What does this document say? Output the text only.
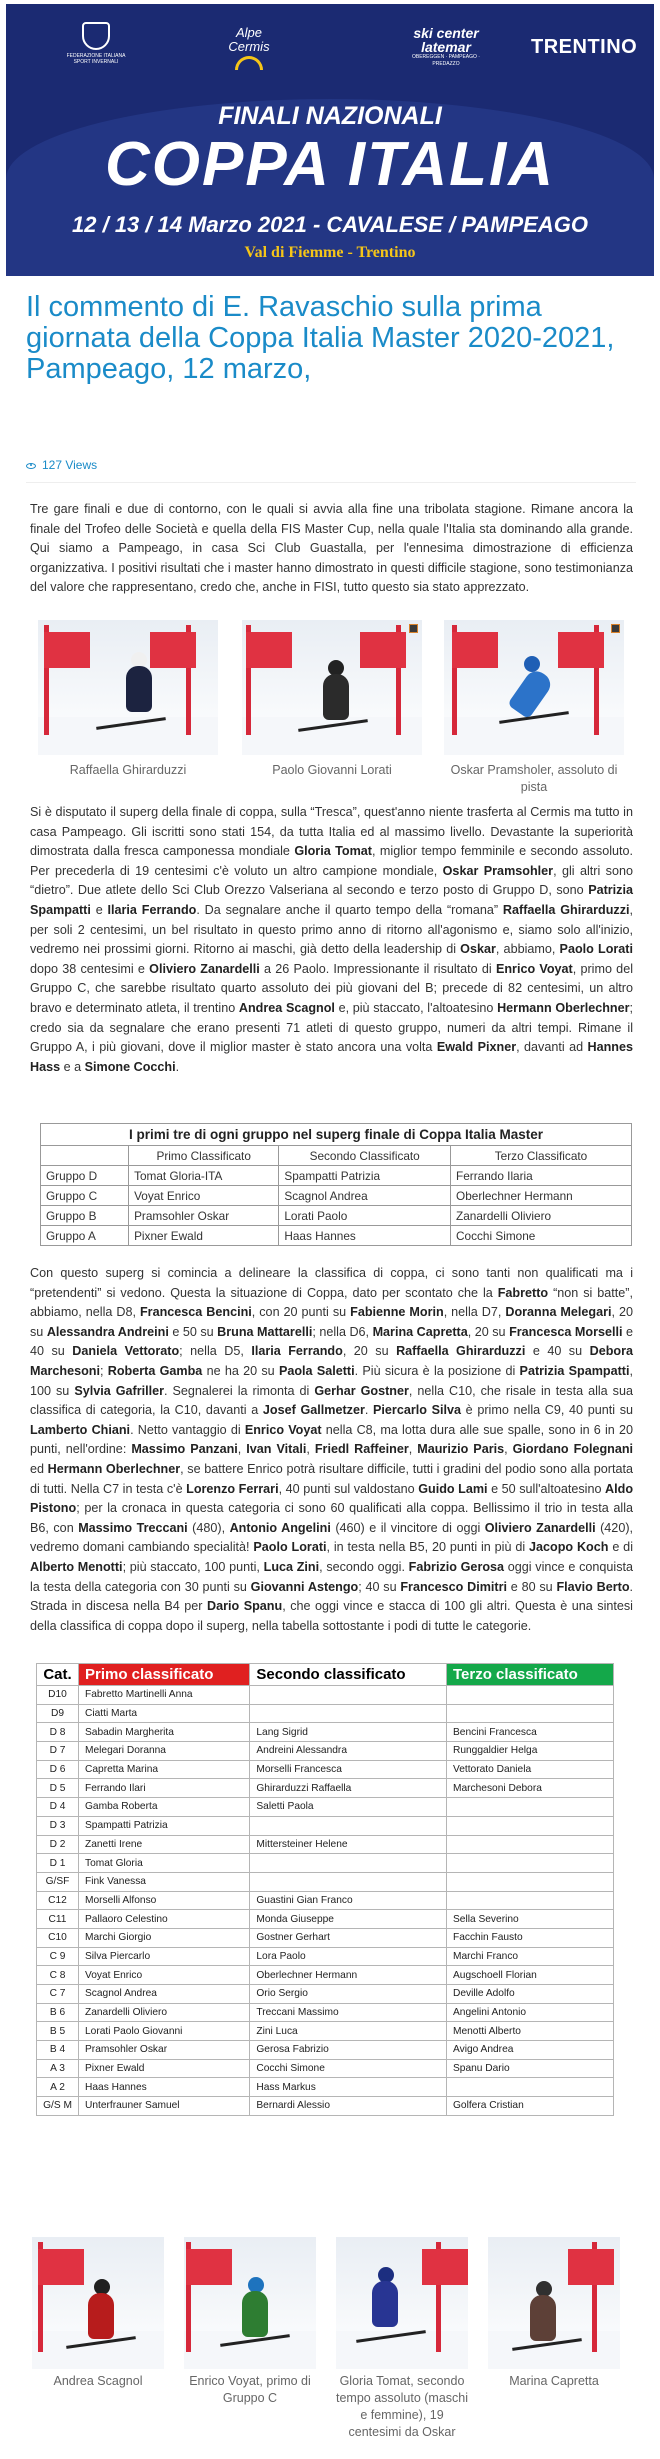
FEDERAZIONE ITALIANA SPORT INVERNALI
Alpe Cermis
ski center latemar
OBEREGGEN · PAMPEAGO · PREDAZZO
TRENTINO
FINALI NAZIONALI
COPPA ITALIA
12 / 13 / 14 Marzo 2021 - CAVALESE / PAMPEAGO
Val di Fiemme - Trentino
Il commento di E. Ravaschio sulla prima giornata della Coppa Italia Master 2020-2021, Pampeago, 12 marzo,
127 Views

Tre gare finali e due di contorno, con le quali si avvia alla fine una tribolata stagione. Rimane ancora la finale del Trofeo delle Società e quella della FIS Master Cup, nella quale l'Italia sta dominando alla grande. Qui siamo a Pampeago, in casa Sci Club Guastalla, per l'ennesima dimostrazione di efficienza organizzativa. I positivi risultati che i master hanno dimostrato in questi difficile stagione, sono testimonianza del valore che rappresentano, credo che, anche in FISI, tutto questo sia stato apprezzato.

Raffaella Ghirarduzzi	Paolo Giovanni Lorati	Oskar Pramsholer, assoluto di pista

Si è disputato il superg della finale di coppa, sulla “Tresca”, quest'anno niente trasferta al Cermis ma tutto in casa Pampeago. Gli iscritti sono stati 154, da tutta Italia ed al massimo livello. Devastante la superiorità dimostrata dalla fresca camponessa mondiale Gloria Tomat, miglior tempo femminile e secondo assoluto. Per precederla di 19 centesimi c'è voluto un altro campione mondiale, Oskar Pramsohler, gli altri sono “dietro”. Due atlete dello Sci Club Orezzo Valseriana al secondo e terzo posto di Gruppo D, sono Patrizia Spampatti e Ilaria Ferrando. Da segnalare anche il quarto tempo della “romana” Raffaella Ghirarduzzi, per soli 2 centesimi, un bel risultato in questo primo anno di ritorno all'agonismo e, siamo solo all'inizio, vedremo nei prossimi giorni. Ritorno ai maschi, già detto della leadership di Oskar, abbiamo, Paolo Lorati dopo 38 centesimi e Oliviero Zanardelli a 26 Paolo. Impressionante il risultato di Enrico Voyat, primo del Gruppo C, che sarebbe risultato quarto assoluto dei più giovani del B; precede di 82 centesimi, un altro bravo e determinato atleta, il trentino Andrea Scagnol e, più staccato, l'altoatesino Hermann Oberlechner; credo sia da segnalare che erano presenti 71 atleti di questo gruppo, numeri da altri tempi. Rimane il Gruppo A, i più giovani, dove il miglior master è stato ancora una volta Ewald Pixner, davanti ad Hannes Hass e a Simone Cocchi.

I primi tre di ogni gruppo nel superg finale di Coppa Italia Master
	Primo Classificato	Secondo Classificato	Terzo Classificato
Gruppo D	Tomat Gloria-ITA	Spampatti Patrizia	Ferrando Ilaria
Gruppo C	Voyat Enrico	Scagnol Andrea	Oberlechner Hermann
Gruppo B	Pramsohler Oskar	Lorati Paolo	Zanardelli Oliviero
Gruppo A	Pixner Ewald	Haas Hannes	Cocchi Simone

Con questo superg si comincia a delineare la classifica di coppa, ci sono tanti non qualificati ma i “pretendenti” si vedono. Questa la situazione di Coppa, dato per scontato che la Fabretto “non si batte”, abbiamo, nella D8, Francesca Bencini, con 20 punti su Fabienne Morin, nella D7, Doranna Melegari, 20 su Alessandra Andreini e 50 su Bruna Mattarelli; nella D6, Marina Capretta, 20 su Francesca Morselli e 40 su Daniela Vettorato; nella D5, Ilaria Ferrando, 20 su Raffaella Ghirarduzzi e 40 su Debora Marchesoni; Roberta Gamba ne ha 20 su Paola Saletti. Più sicura è la posizione di Patrizia Spampatti, 100 su Sylvia Gafriller. Segnalerei la rimonta di Gerhar Gostner, nella C10, che risale in testa alla sua classifica di categoria, la C10, davanti a Josef Gallmetzer. Piercarlo Silva è primo nella C9, 40 punti su Lamberto Chiani. Netto vantaggio di Enrico Voyat nella C8, ma lotta dura alle sue spalle, sono in 6 in 20 punti, nell'ordine: Massimo Panzani, Ivan Vitali, Friedl Raffeiner, Maurizio Paris, Giordano Folegnani ed Hermann Oberlechner, se battere Enrico potrà risultare difficile, tutti i gradini del podio sono alla portata di tutti. Nella C7 in testa c'è Lorenzo Ferrari, 40 punti sul valdostano Guido Lami e 50 sull'altoatesino Aldo Pistono; per la cronaca in questa categoria ci sono 60 qualificati alla coppa. Bellissimo il trio in testa alla B6, con Massimo Treccani (480), Antonio Angelini (460) e il vincitore di oggi Oliviero Zanardelli (420), vedremo domani cambiando specialità! Paolo Lorati, in testa nella B5, 20 punti in più di Jacopo Koch e di Alberto Menotti; più staccato, 100 punti, Luca Zini, secondo oggi. Fabrizio Gerosa oggi vince e conquista la testa della categoria con 30 punti su Giovanni Astengo; 40 su Francesco Dimitri e 80 su Flavio Berto. Strada in discesa nella B4 per Dario Spanu, che oggi vince e stacca di 100 gli altri. Questa è una sintesi della classifica di coppa dopo il superg, nella tabella sottostante i podi di tutte le categorie.

Cat.	Primo classificato	Secondo classificato	Terzo classificato
D10	Fabretto Martinelli Anna		
D9	Ciatti Marta		
D 8	Sabadin Margherita	Lang Sigrid	Bencini Francesca
D 7	Melegari Doranna	Andreini Alessandra	Runggaldier Helga
D 6	Capretta Marina	Morselli Francesca	Vettorato Daniela
D 5	Ferrando Ilari	Ghirarduzzi Raffaella	Marchesoni Debora
D 4	Gamba Roberta	Saletti Paola	
D 3	Spampatti Patrizia		
D 2	Zanetti Irene	Mittersteiner Helene	
D 1	Tomat Gloria		
G/SF	Fink Vanessa		
C12	Morselli Alfonso	Guastini Gian Franco	
C11	Pallaoro Celestino	Monda Giuseppe	Sella Severino
C10	Marchi Giorgio	Gostner Gerhart	Facchin Fausto
C 9	Silva Piercarlo	Lora Paolo	Marchi Franco
C 8	Voyat Enrico	Oberlechner Hermann	Augschoell Florian
C 7	Scagnol Andrea	Orio Sergio	Deville Adolfo
B 6	Zanardelli Oliviero	Treccani Massimo	Angelini Antonio
B 5	Lorati Paolo Giovanni	Zini Luca	Menotti Alberto
B 4	Pramsohler Oskar	Gerosa Fabrizio	Avigo Andrea
A 3	Pixner Ewald	Cocchi Simone	Spanu Dario
A 2	Haas Hannes	Hass Markus	
G/S M	Unterfrauner Samuel	Bernardi Alessio	Golfera Cristian
Andrea Scagnol	Enrico Voyat, primo di Gruppo C
Gloria Tomat, secondo tempo assoluto (maschi e femmine), 19 centesimi da Oskar
Marina Capretta
